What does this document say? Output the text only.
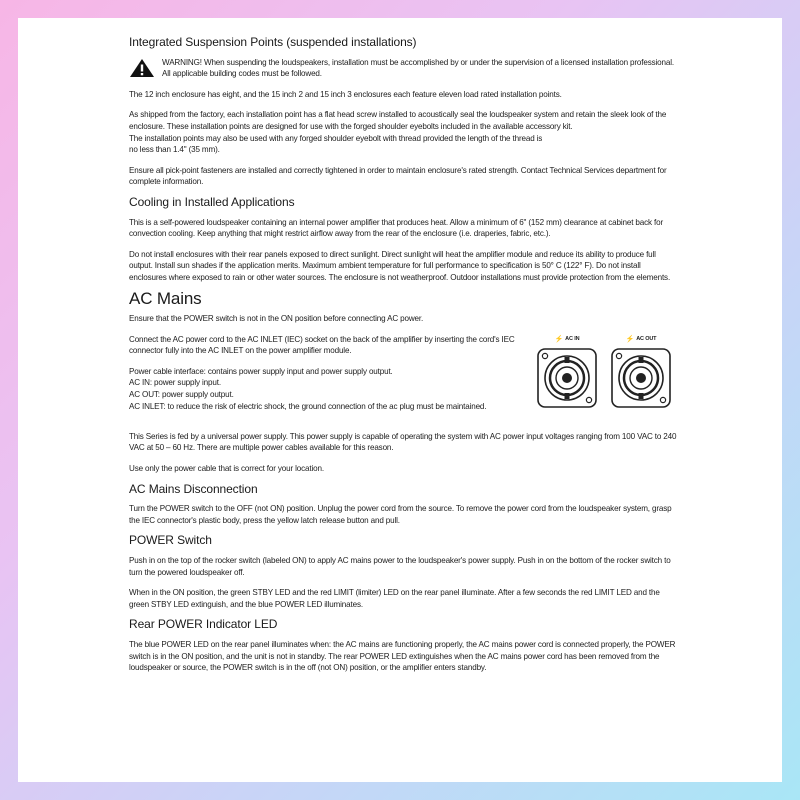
Integrated Suspension Points (suspended installations)
WARNING! When suspending the loudspeakers, installation must be accomplished by or under the supervision of a licensed installation professional. All applicable building codes must be followed.

The 12 inch enclosure has eight, and the 15 inch 2 and 15 inch 3 enclosures each feature eleven load rated installation points.

As shipped from the factory, each installation point has a flat head screw installed to acoustically seal the loudspeaker system and retain the sleek look of the enclosure. These installation points are designed for use with the forged shoulder eyebolts included in the available accessory kit.
The installation points may also be used with any forged shoulder eyebolt with thread provided the length of the thread is
no less than 1.4" (35 mm).

Ensure all pick-point fasteners are installed and correctly tightened in order to maintain enclosure's rated strength. Contact Technical Services department for complete information.

Cooling in Installed Applications

This is a self-powered loudspeaker containing an internal power amplifier that produces heat. Allow a minimum of 6" (152 mm) clearance at cabinet back for convection cooling. Keep anything that might restrict airflow away from the rear of the enclosure (i.e. draperies, fabric, etc.).

Do not install enclosures with their rear panels exposed to direct sunlight. Direct sunlight will heat the amplifier module and reduce its ability to produce full output. Install sun shades if the application merits. Maximum ambient temperature for full performance to specification is 50° C (122° F). Do not install enclosures where exposed to rain or other water sources. The enclosure is not weatherproof. Outdoor installations must provide protection from the elements.

AC Mains

Ensure that the POWER switch is not in the ON position before connecting AC power.

Connect the AC power cord to the AC INLET (IEC) socket on the back of the amplifier by inserting the cord's IEC connector fully into the AC INLET on the power amplifier module.

Power cable interface: contains power supply input and power supply output.

AC IN: power supply input.

AC OUT: power supply output.

AC INLET: to reduce the risk of electric shock, the ground connection of the ac plug must be maintained.

⚡ AC IN	⚡ AC OUT

This Series is fed by a universal power supply. This power supply is capable of operating the system with AC power input voltages ranging from 100 VAC to 240 VAC at 50 – 60 Hz. There are multiple power cables available for this reason.

Use only the power cable that is correct for your location.

AC Mains Disconnection

Turn the POWER switch to the OFF (not ON) position. Unplug the power cord from the source. To remove the power cord from the loudspeaker system, grasp the IEC connector's plastic body, press the yellow latch release button and pull.

POWER Switch

Push in on the top of the rocker switch (labeled ON) to apply AC mains power to the loudspeaker's power supply. Push in on the bottom of the rocker switch to turn the powered loudspeaker off.

When in the ON position, the green STBY LED and the red LIMIT (limiter) LED on the rear panel illuminate. After a few seconds the red LIMIT LED and the green STBY LED extinguish, and the blue POWER LED illuminates.

Rear POWER Indicator LED

The blue POWER LED on the rear panel illuminates when: the AC mains are functioning properly, the AC mains power cord is connected properly, the POWER switch is in the ON position, and the unit is not in standby. The rear POWER LED extinguishes when the AC mains power cord has been removed from the loudspeaker or source, the POWER switch is in the off (not ON) position, or the amplifier enters standby.
